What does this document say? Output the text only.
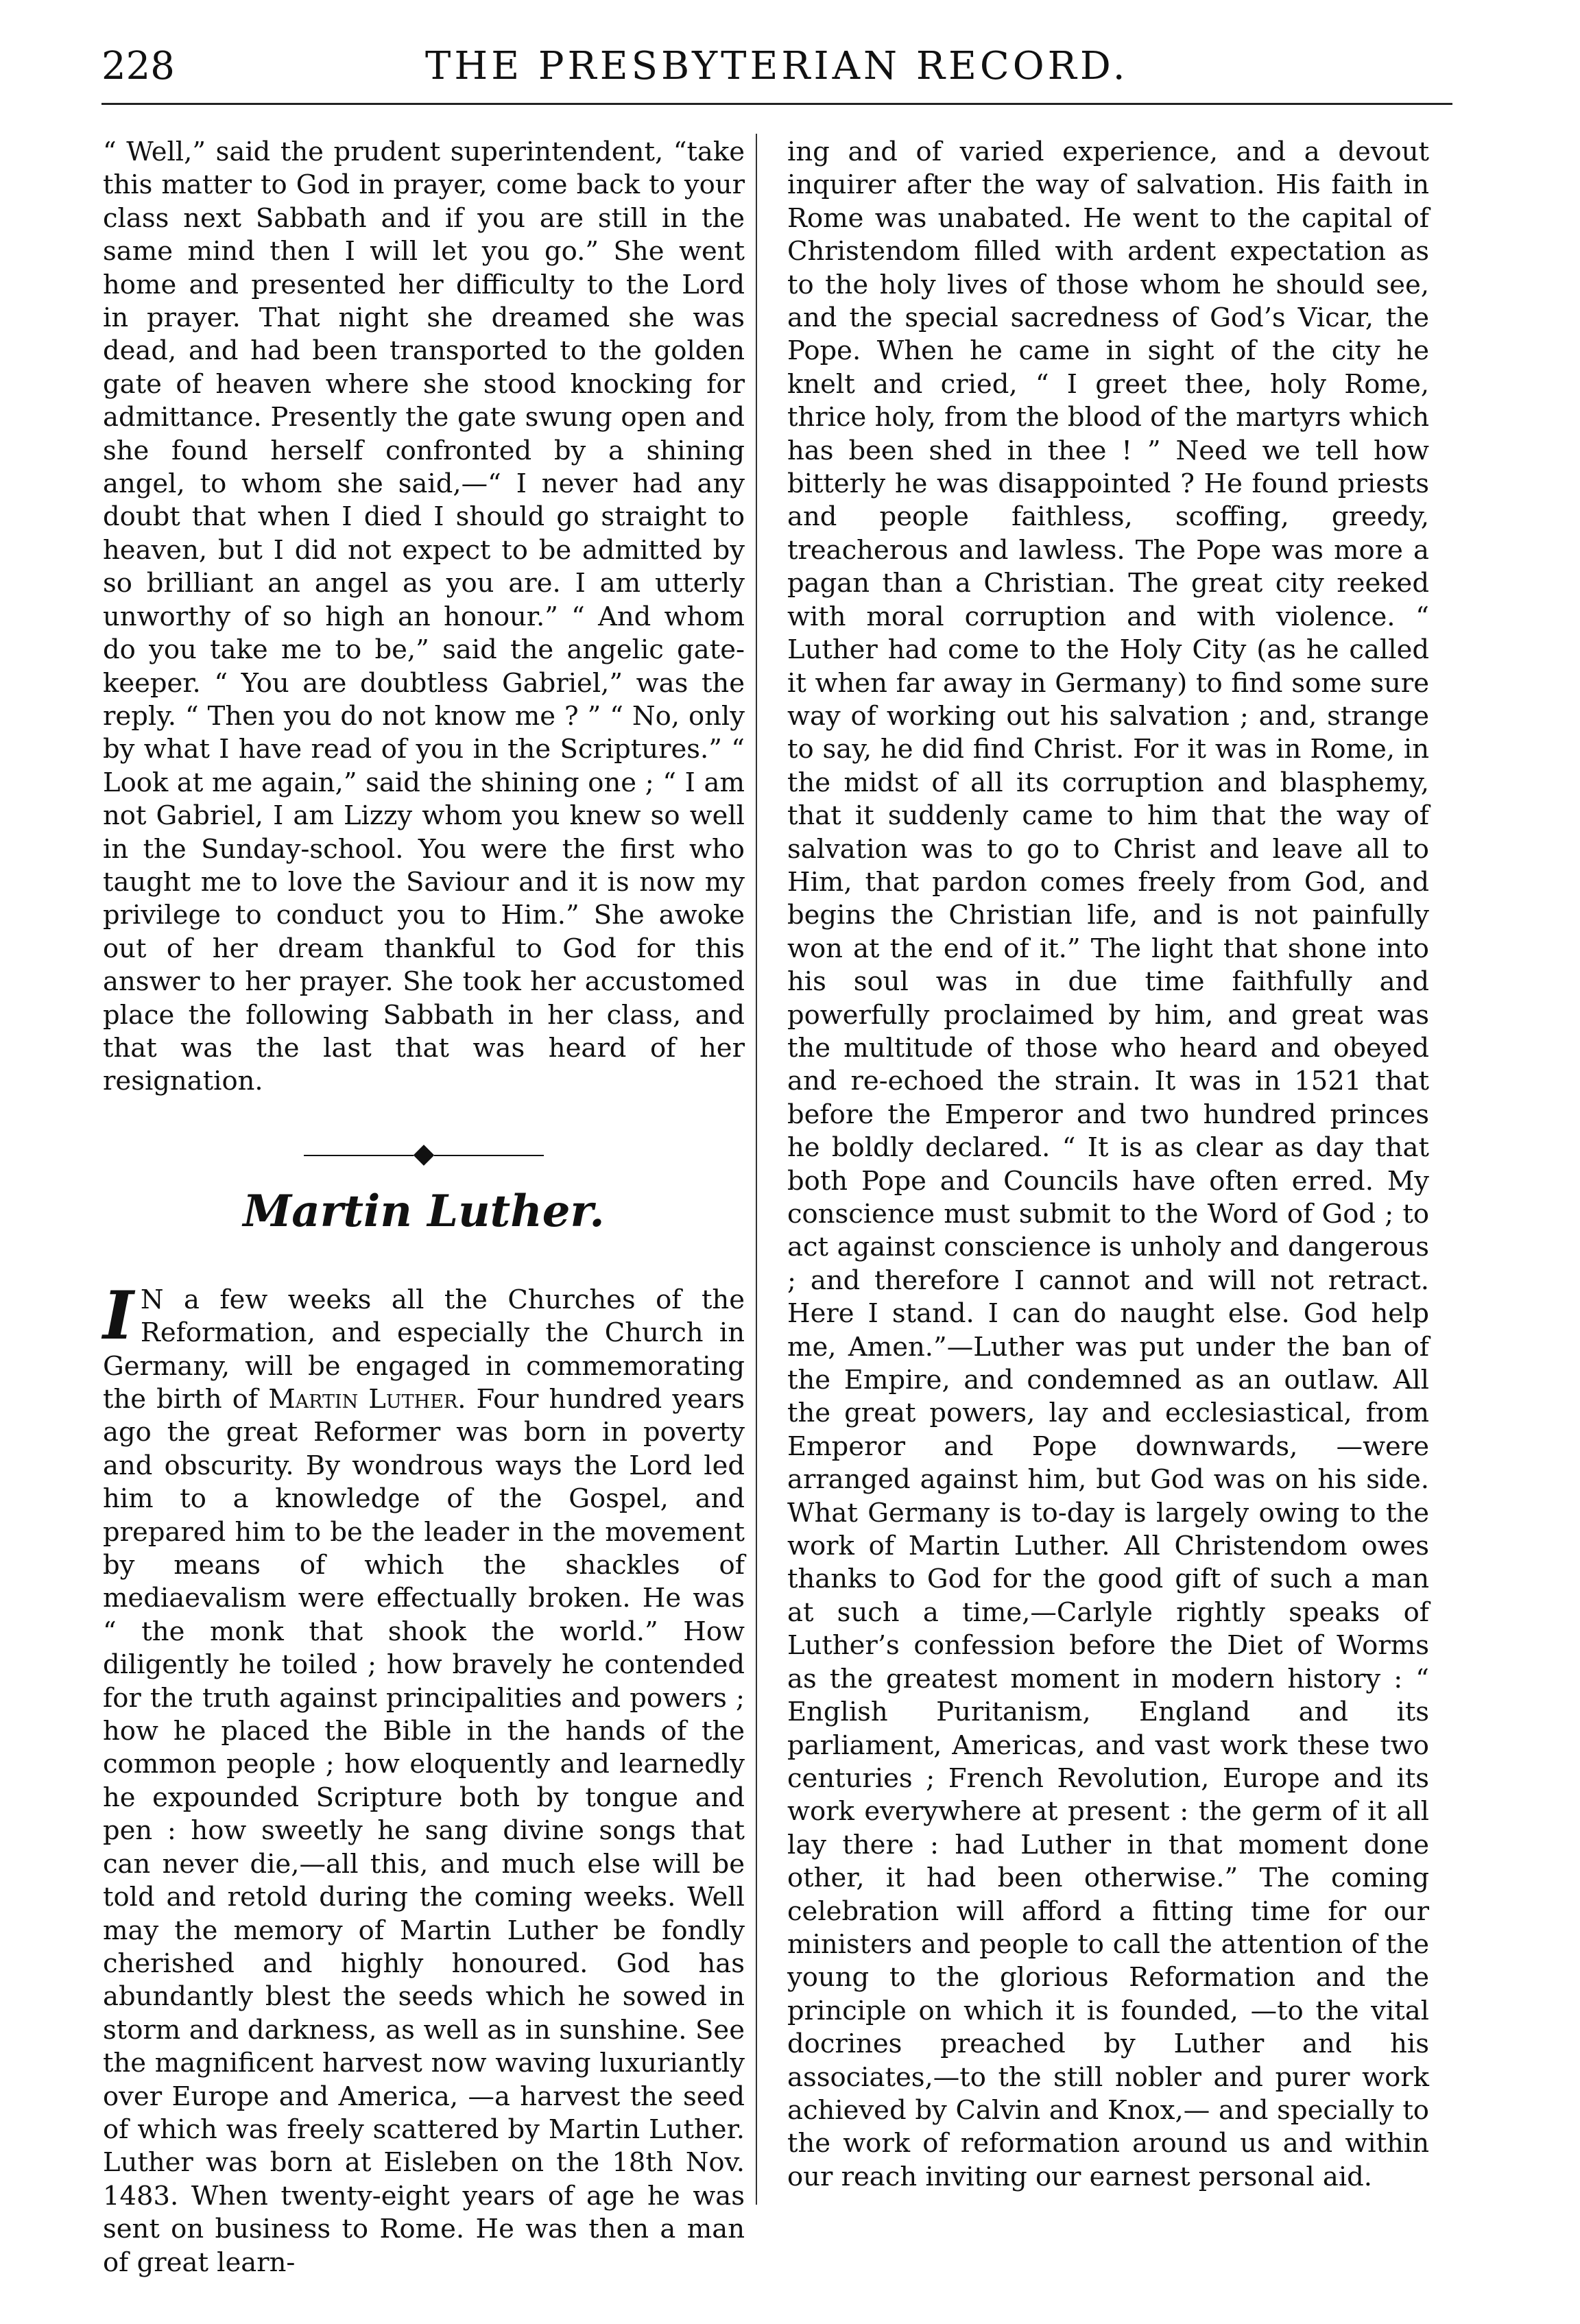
228	THE PRESBYTERIAN RECORD.

“ Well,” said the prudent superintendent, “take this matter to God in prayer, come back to your class next Sabbath and if you are still in the same mind then I will let you go.” She went home and presented her difficulty to the Lord in prayer. That night she dreamed she was dead, and had been transported to the golden gate of heaven where she stood knocking for admittance. Presently the gate swung open and she found herself confronted by a shining angel, to whom she said,—“ I never had any doubt that when I died I should go straight to heaven, but I did not expect to be admitted by so brilliant an angel as you are. I am utterly unworthy of so high an honour.” “ And whom do you take me to be,” said the angelic gate-keeper. “ You are doubtless Gabriel,” was the reply. “ Then you do not know me ? ” “ No, only by what I have read of you in the Scriptures.” “ Look at me again,” said the shining one ; “ I am not Gabriel, I am Lizzy whom you knew so well in the Sunday-school. You were the first who taught me to love the Saviour and it is now my privilege to conduct you to Him.” She awoke out of her dream thankful to God for this answer to her prayer. She took her accustomed place the following Sabbath in her class, and that was the last that was heard of her resignation.

◆
Martin Luther.

I N a few weeks all the Churches of the Reformation, and especially the Church in Germany, will be engaged in commemorating the birth of Martin Luther. Four hundred years ago the great Reformer was born in poverty and obscurity. By wondrous ways the Lord led him to a knowledge of the Gospel, and prepared him to be the leader in the movement by means of which the shackles of mediaevalism were effectually broken. He was “ the monk that shook the world.” How diligently he toiled ; how bravely he contended for the truth against principalities and powers ; how he placed the Bible in the hands of the common people ; how eloquently and learnedly he expounded Scripture both by tongue and pen : how sweetly he sang divine songs that can never die,—all this, and much else will be told and retold during the coming weeks. Well may the memory of Martin Luther be fondly cherished and highly honoured. God has abundantly blest the seeds which he sowed in storm and darkness, as well as in sunshine. See the magnificent harvest now waving luxuriantly over Europe and America, —a harvest the seed of which was freely scattered by Martin Luther. Luther was born at Eisleben on the 18th Nov. 1483. When twenty-eight years of age he was sent on business to Rome. He was then a man of great learn-

ing and of varied experience, and a devout inquirer after the way of salvation. His faith in Rome was unabated. He went to the capital of Christendom filled with ardent expectation as to the holy lives of those whom he should see, and the special sacredness of God’s Vicar, the Pope. When he came in sight of the city he knelt and cried, “ I greet thee, holy Rome, thrice holy, from the blood of the martyrs which has been shed in thee ! ” Need we tell how bitterly he was disappointed ? He found priests and people faithless, scoffing, greedy, treacherous and lawless. The Pope was more a pagan than a Christian. The great city reeked with moral corruption and with violence. “ Luther had come to the Holy City (as he called it when far away in Germany) to find some sure way of working out his salvation ; and, strange to say, he did find Christ. For it was in Rome, in the midst of all its corruption and blasphemy, that it suddenly came to him that the way of salvation was to go to Christ and leave all to Him, that pardon comes freely from God, and begins the Christian life, and is not painfully won at the end of it.” The light that shone into his soul was in due time faithfully and powerfully proclaimed by him, and great was the multitude of those who heard and obeyed and re-echoed the strain. It was in 1521 that before the Emperor and two hundred princes he boldly declared. “ It is as clear as day that both Pope and Councils have often erred. My conscience must submit to the Word of God ; to act against conscience is unholy and dangerous ; and therefore I cannot and will not retract. Here I stand. I can do naught else. God help me, Amen.”—Luther was put under the ban of the Empire, and condemned as an outlaw. All the great powers, lay and ecclesiastical, from Emperor and Pope downwards, —were arranged against him, but God was on his side. What Germany is to-day is largely owing to the work of Martin Luther. All Christendom owes thanks to God for the good gift of such a man at such a time,—Carlyle rightly speaks of Luther’s confession before the Diet of Worms as the greatest moment in modern history : “ English Puritanism, England and its parliament, Americas, and vast work these two centuries ; French Revolution, Europe and its work everywhere at present : the germ of it all lay there : had Luther in that moment done other, it had been otherwise.” The coming celebration will afford a fitting time for our ministers and people to call the attention of the young to the glorious Reformation and the principle on which it is founded, —to the vital docrines preached by Luther and his associates,—to the still nobler and purer work achieved by Calvin and Knox,— and specially to the work of reformation around us and within our reach inviting our earnest personal aid.
